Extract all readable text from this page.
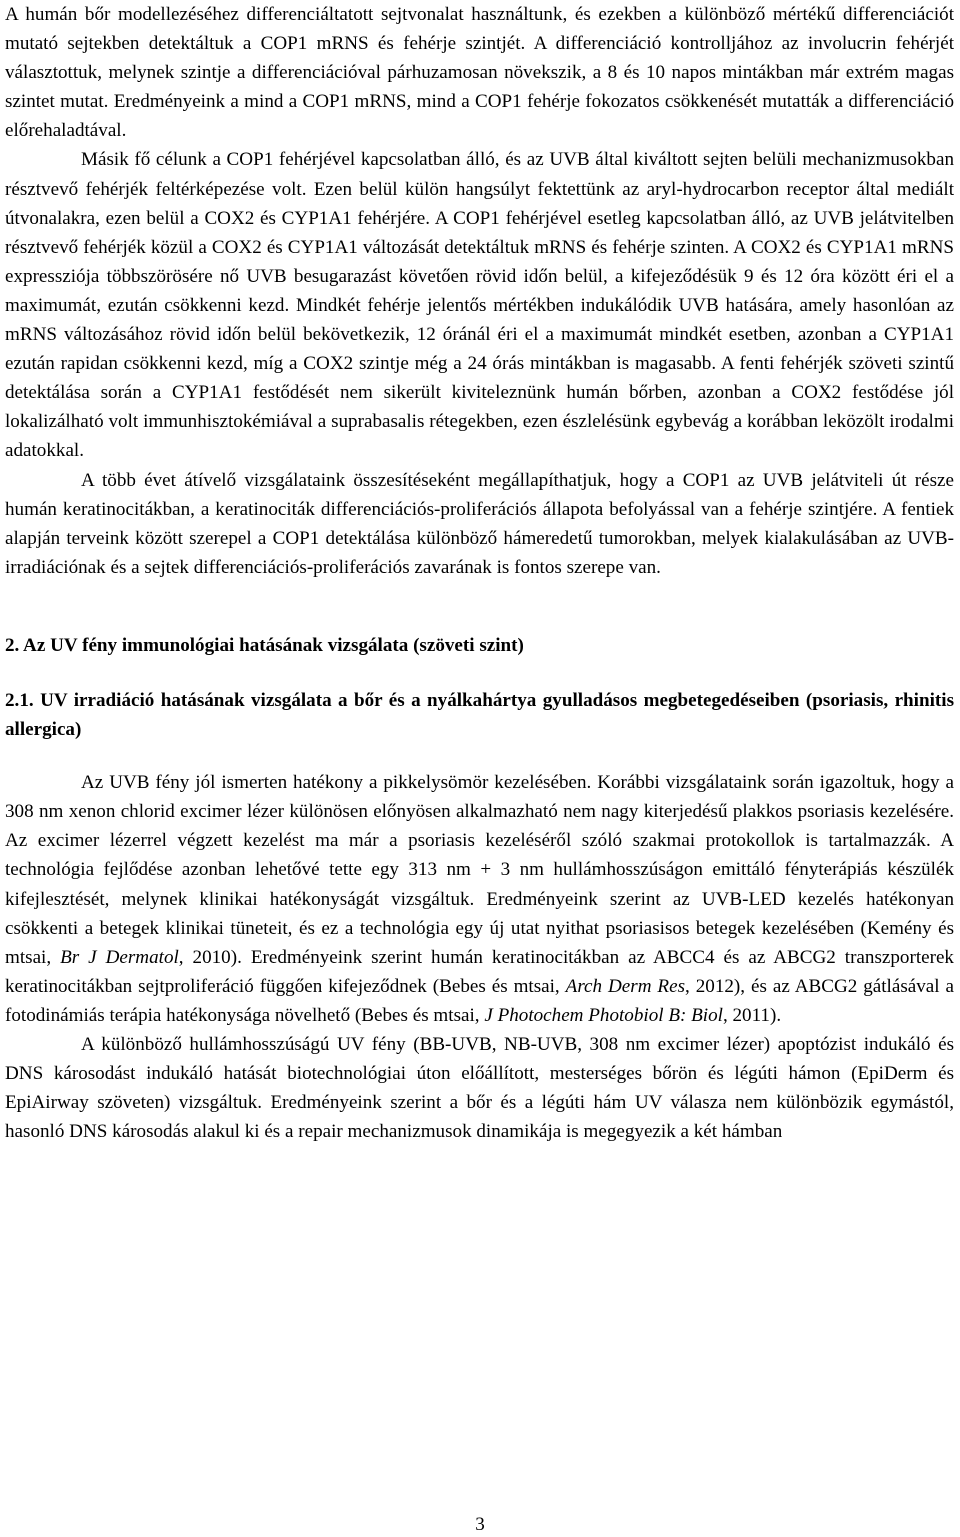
A humán bőr modellezéséhez differenciáltatott sejtvonalat használtunk, és ezekben a különböző mértékű differenciációt mutató sejtekben detektáltuk a COP1 mRNS és fehérje szintjét. A differenciáció kontrolljához az involucrin fehérjét választottuk, melynek szintje a differenciációval párhuzamosan növekszik, a 8 és 10 napos mintákban már extrém magas szintet mutat. Eredményeink a mind a COP1 mRNS, mind a COP1 fehérje fokozatos csökkenését mutatták a differenciáció előrehaladtával.

Másik fő célunk a COP1 fehérjével kapcsolatban álló, és az UVB által kiváltott sejten belüli mechanizmusokban résztvevő fehérjék feltérképezése volt. Ezen belül külön hangsúlyt fektettünk az aryl-hydrocarbon receptor által mediált útvonalakra, ezen belül a COX2 és CYP1A1 fehérjére. A COP1 fehérjével esetleg kapcsolatban álló, az UVB jelátvitelben résztvevő fehérjék közül a COX2 és CYP1A1 változását detektáltuk mRNS és fehérje szinten. A COX2 és CYP1A1 mRNS expressziója többszörösére nő UVB besugarazást követően rövid időn belül, a kifejeződésük 9 és 12 óra között éri el a maximumát, ezután csökkenni kezd. Mindkét fehérje jelentős mértékben indukálódik UVB hatására, amely hasonlóan az mRNS változásához rövid időn belül bekövetkezik, 12 óránál éri el a maximumát mindkét esetben, azonban a CYP1A1 ezután rapidan csökkenni kezd, míg a COX2 szintje még a 24 órás mintákban is magasabb. A fenti fehérjék szöveti szintű detektálása során a CYP1A1 festődését nem sikerült kiviteleznünk humán bőrben, azonban a COX2 festődése jól lokalizálható volt immunhisztokémiával a suprabasalis rétegekben, ezen észlelésünk egybevág a korábban leközölt irodalmi adatokkal.

A több évet átívelő vizsgálataink összesítéseként megállapíthatjuk, hogy a COP1 az UVB jelátviteli út része humán keratinocitákban, a keratinociták differenciációs-proliferációs állapota befolyással van a fehérje szintjére. A fentiek alapján terveink között szerepel a COP1 detektálása különböző hámeredetű tumorokban, melyek kialakulásában az UVB-irradiációnak és a sejtek differenciációs-proliferációs zavarának is fontos szerepe van.

2. Az UV fény immunológiai hatásának vizsgálata (szöveti szint)
2.1. UV irradiáció hatásának vizsgálata a bőr és a nyálkahártya gyulladásos megbetegedéseiben (psoriasis, rhinitis allergica)

Az UVB fény jól ismerten hatékony a pikkelysömör kezelésében. Korábbi vizsgálataink során igazoltuk, hogy a 308 nm xenon chlorid excimer lézer különösen előnyösen alkalmazható nem nagy kiterjedésű plakkos psoriasis kezelésére. Az excimer lézerrel végzett kezelést ma már a psoriasis kezeléséről szóló szakmai protokollok is tartalmazzák. A technológia fejlődése azonban lehetővé tette egy 313 nm + 3 nm hullámhosszúságon emittáló fényterápiás készülék kifejlesztését, melynek klinikai hatékonyságát vizsgáltuk. Eredményeink szerint az UVB-LED kezelés hatékonyan csökkenti a betegek klinikai tüneteit, és ez a technológia egy új utat nyithat psoriasisos betegek kezelésében (Kemény és mtsai, Br J Dermatol, 2010). Eredményeink szerint humán keratinocitákban az ABCC4 és az ABCG2 transzporterek keratinocitákban sejtproliferáció függően kifejeződnek (Bebes és mtsai, Arch Derm Res, 2012), és az ABCG2 gátlásával a fotodinámiás terápia hatékonysága növelhető (Bebes és mtsai, J Photochem Photobiol B: Biol, 2011).

A különböző hullámhosszúságú UV fény (BB-UVB, NB-UVB, 308 nm excimer lézer) apoptózist indukáló és DNS károsodást indukáló hatását biotechnológiai úton előállított, mesterséges bőrön és légúti hámon (EpiDerm és EpiAirway szöveten) vizsgáltuk. Eredményeink szerint a bőr és a légúti hám UV válasza nem különbözik egymástól, hasonló DNS károsodás alakul ki és a repair mechanizmusok dinamikája is megegyezik a két hámban

3
